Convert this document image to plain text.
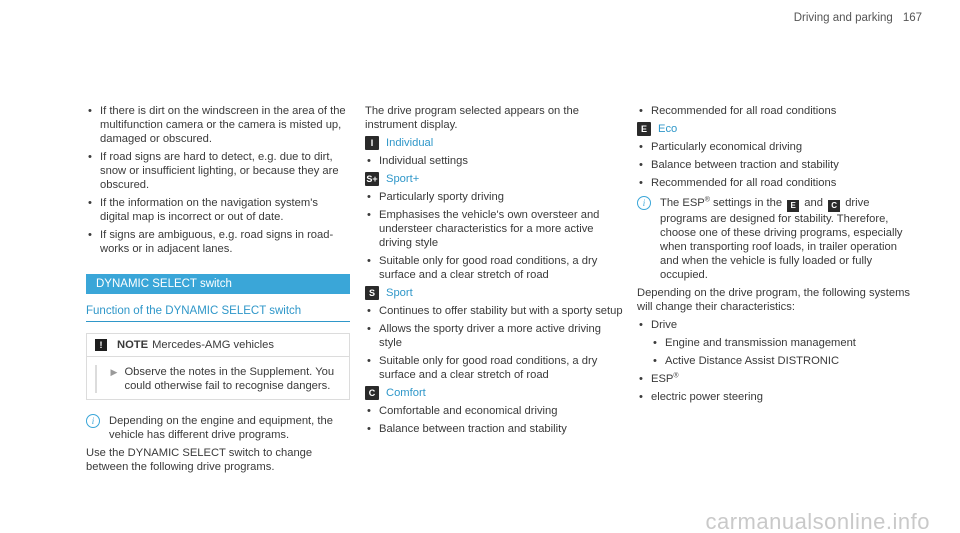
Driving and parking 167
• If there is dirt on the windscreen in the area of the multifunction camera or the camera is misted up, damaged or obscured.
• If road signs are hard to detect, e.g. due to dirt, snow or insufficient lighting, or because they are obscured.
• If the information on the navigation system's digital map is incorrect or out of date.
• If signs are ambiguous, e.g. road signs in road-works or in adjacent lanes.
DYNAMIC SELECT switch
Function of the DYNAMIC SELECT switch
!	NOTE Mercedes-AMG vehicles
▶ Observe the notes in the Supplement. You could otherwise fail to recognise dangers.
i	Depending on the engine and equipment, the vehicle has different drive programs.
Use the DYNAMIC SELECT switch to change between the following drive programs.
The drive program selected appears on the instrument display.
I	Individual
• Individual settings
S+ Sport+
• Particularly sporty driving
• Emphasises the vehicle's own oversteer and understeer characteristics for a more active driving style
• Suitable only for good road conditions, a dry surface and a clear stretch of road
S Sport
• Continues to offer stability but with a sporty setup
• Allows the sporty driver a more active driving style
• Suitable only for good road conditions, a dry surface and a clear stretch of road
C Comfort
• Comfortable and economical driving
• Balance between traction and stability
• Recommended for all road conditions
E Eco
• Particularly economical driving
• Balance between traction and stability
• Recommended for all road conditions
i	The ESP® settings in the E and C drive programs are designed for stability. Therefore, choose one of these driving programs, especially when transporting roof loads, in trailer operation and when the vehicle is fully loaded or fully occupied.
Depending on the drive program, the following systems will change their characteristics:
• Drive
• Engine and transmission management
• Active Distance Assist DISTRONIC
• ESP®
• electric power steering
carmanualsonline.info
